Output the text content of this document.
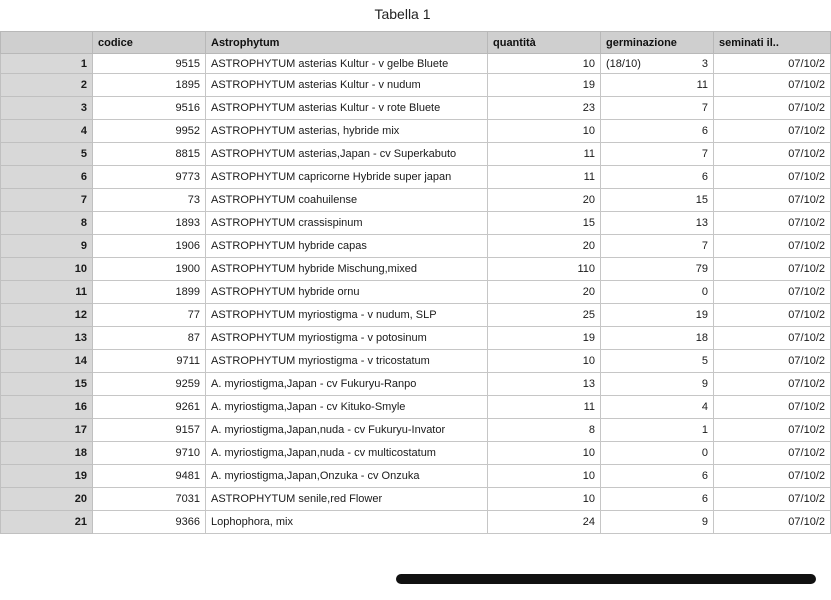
Tabella 1
	codice	Astrophytum	quantità	germinazione	seminati il..
1	9515	ASTROPHYTUM asterias Kultur - v gelbe Bluete	10	(18/10) 3	07/10/2
2	1895	ASTROPHYTUM asterias Kultur - v nudum	19	11	07/10/2
3	9516	ASTROPHYTUM asterias Kultur - v rote Bluete	23	7	07/10/2
4	9952	ASTROPHYTUM asterias, hybride mix	10	6	07/10/2
5	8815	ASTROPHYTUM asterias,Japan - cv Superkabuto	11	7	07/10/2
6	9773	ASTROPHYTUM capricorne Hybride super japan	11	6	07/10/2
7	73	ASTROPHYTUM coahuilense	20	15	07/10/2
8	1893	ASTROPHYTUM crassispinum	15	13	07/10/2
9	1906	ASTROPHYTUM hybride capas	20	7	07/10/2
10	1900	ASTROPHYTUM hybride Mischung,mixed	110	79	07/10/2
11	1899	ASTROPHYTUM hybride ornu	20	0	07/10/2
12	77	ASTROPHYTUM myriostigma - v nudum, SLP	25	19	07/10/2
13	87	ASTROPHYTUM myriostigma - v potosinum	19	18	07/10/2
14	9711	ASTROPHYTUM myriostigma - v tricostatum	10	5	07/10/2
15	9259	A. myriostigma,Japan - cv Fukuryu-Ranpo	13	9	07/10/2
16	9261	A. myriostigma,Japan - cv Kituko-Smyle	11	4	07/10/2
17	9157	A. myriostigma,Japan,nuda - cv Fukuryu-Invator	8	1	07/10/2
18	9710	A. myriostigma,Japan,nuda - cv multicostatum	10	0	07/10/2
19	9481	A. myriostigma,Japan,Onzuka - cv Onzuka	10	6	07/10/2
20	7031	ASTROPHYTUM senile,red Flower	10	6	07/10/2
21	9366	Lophophora, mix	24	9	07/10/2
